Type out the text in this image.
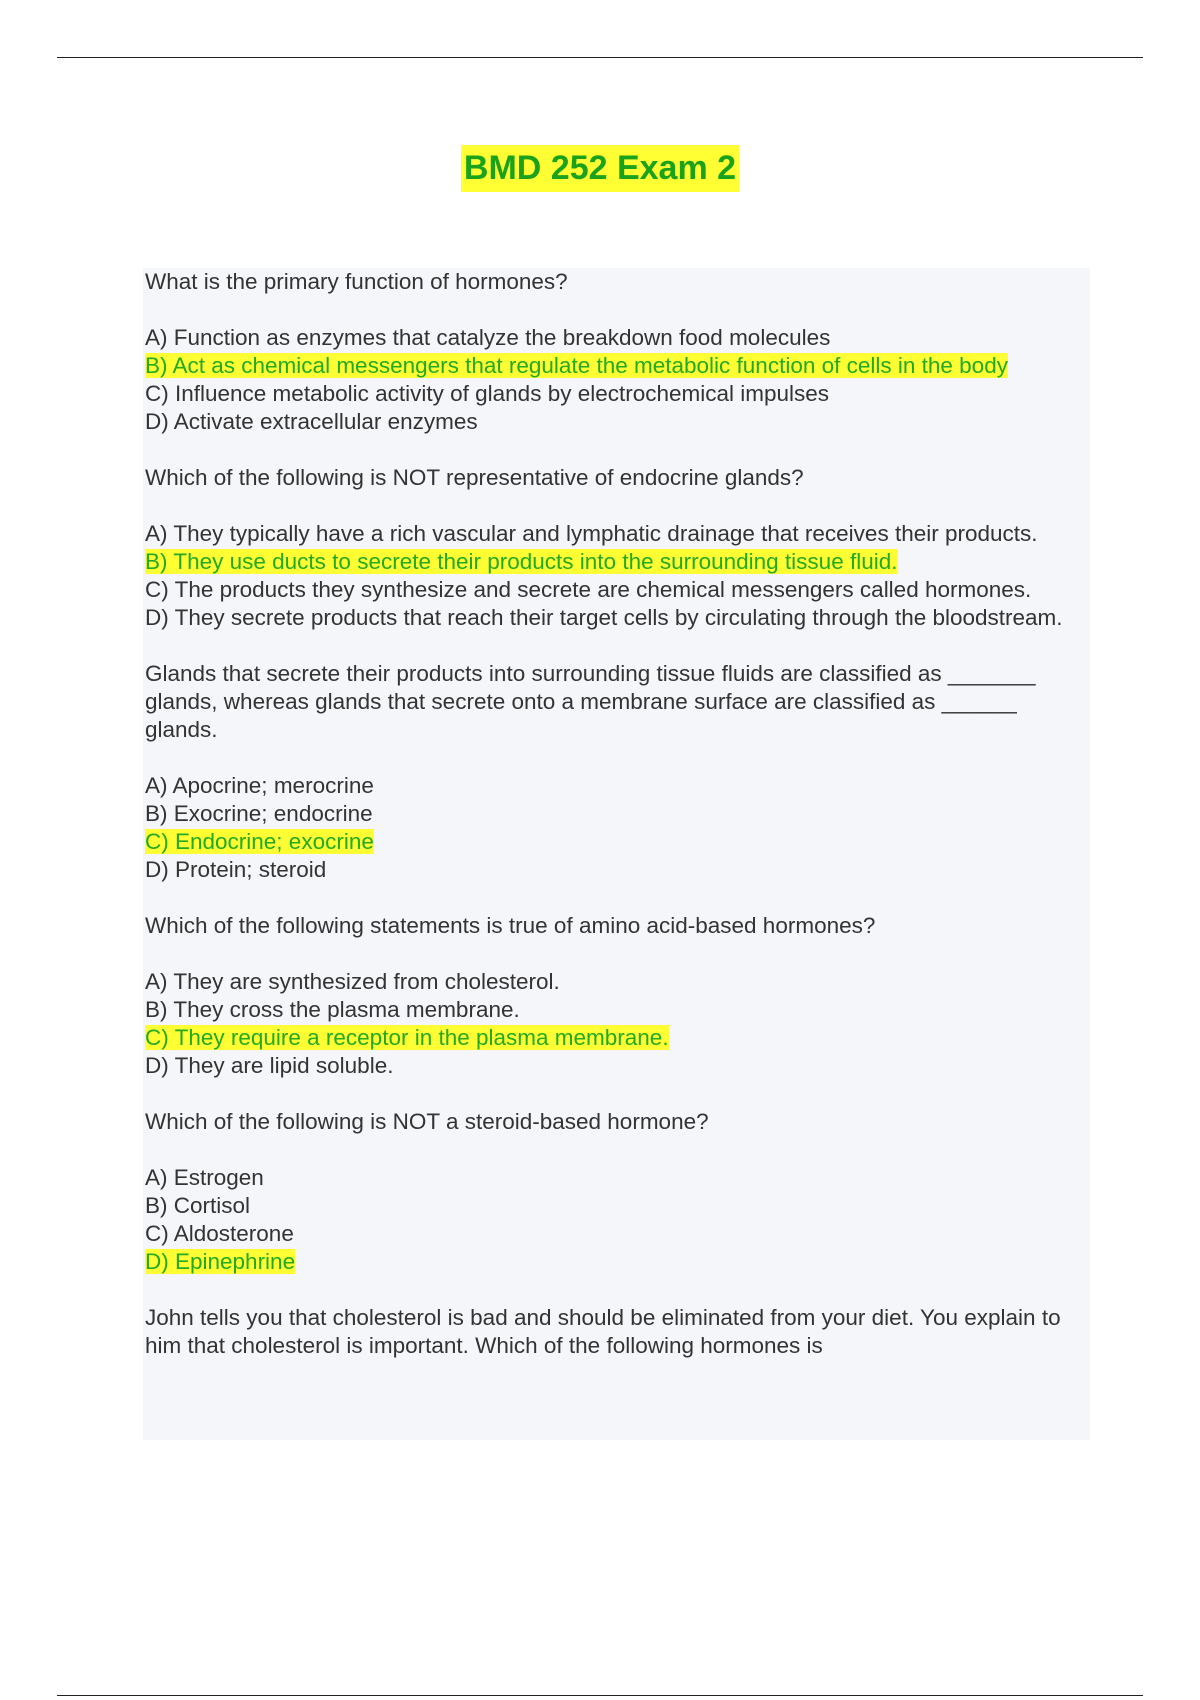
BMD 252 Exam 2

What is the primary function of hormones?

A) Function as enzymes that catalyze the breakdown food molecules

B) Act as chemical messengers that regulate the metabolic function of cells in the body

C) Influence metabolic activity of glands by electrochemical impulses

D) Activate extracellular enzymes

Which of the following is NOT representative of endocrine glands?

A) They typically have a rich vascular and lymphatic drainage that receives their products.

B) They use ducts to secrete their products into the surrounding tissue fluid.

C) The products they synthesize and secrete are chemical messengers called hormones.

D) They secrete products that reach their target cells by circulating through the bloodstream.

Glands that secrete their products into surrounding tissue fluids are classified as _______ glands, whereas glands that secrete onto a membrane surface are classified as ______ glands.

A) Apocrine; merocrine

B) Exocrine; endocrine

C) Endocrine; exocrine

D) Protein; steroid

Which of the following statements is true of amino acid-based hormones?

A) They are synthesized from cholesterol.

B) They cross the plasma membrane.

C) They require a receptor in the plasma membrane.

D) They are lipid soluble.

Which of the following is NOT a steroid-based hormone?

A) Estrogen

B) Cortisol

C) Aldosterone

D) Epinephrine

John tells you that cholesterol is bad and should be eliminated from your diet. You explain to him that cholesterol is important. Which of the following hormones is
